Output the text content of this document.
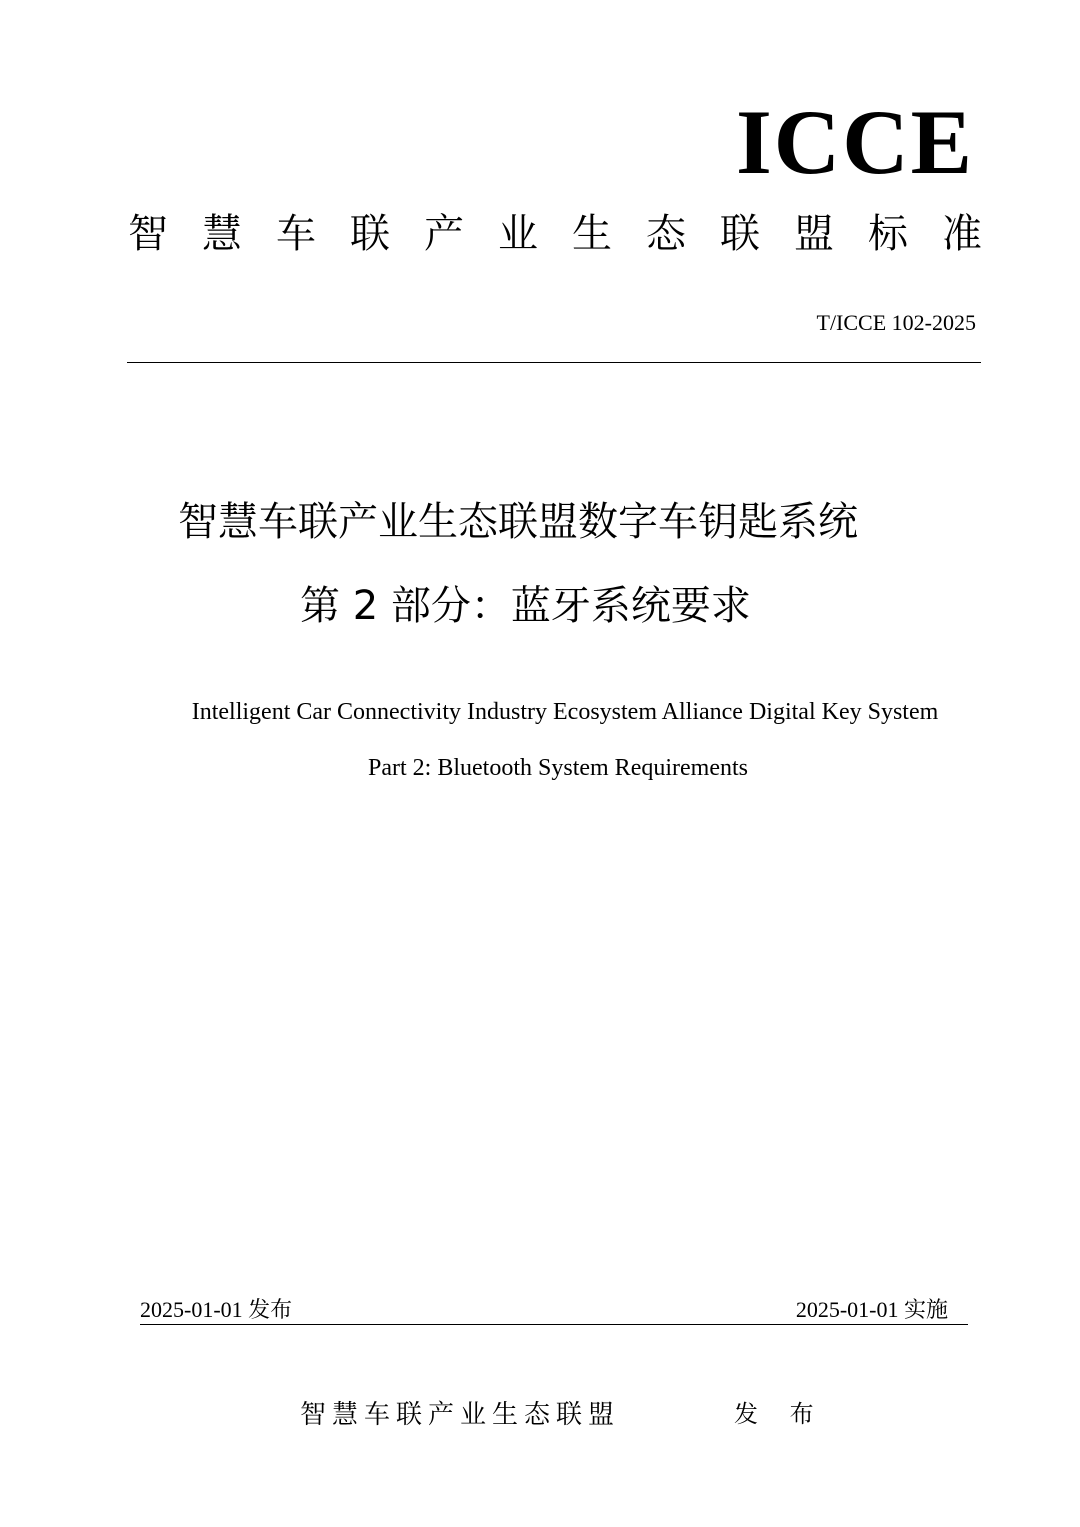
ICCE
智慧车联产业生态联盟标准
T/ICCE 102-2025
智慧车联产业生态联盟数字车钥匙系统
第 2 部分：蓝牙系统要求
Intelligent Car Connectivity Industry Ecosystem Alliance Digital Key System
Part 2: Bluetooth System Requirements
2025-01-01 发布	2025-01-01 实施
智慧车联产业生态联盟	发 布
